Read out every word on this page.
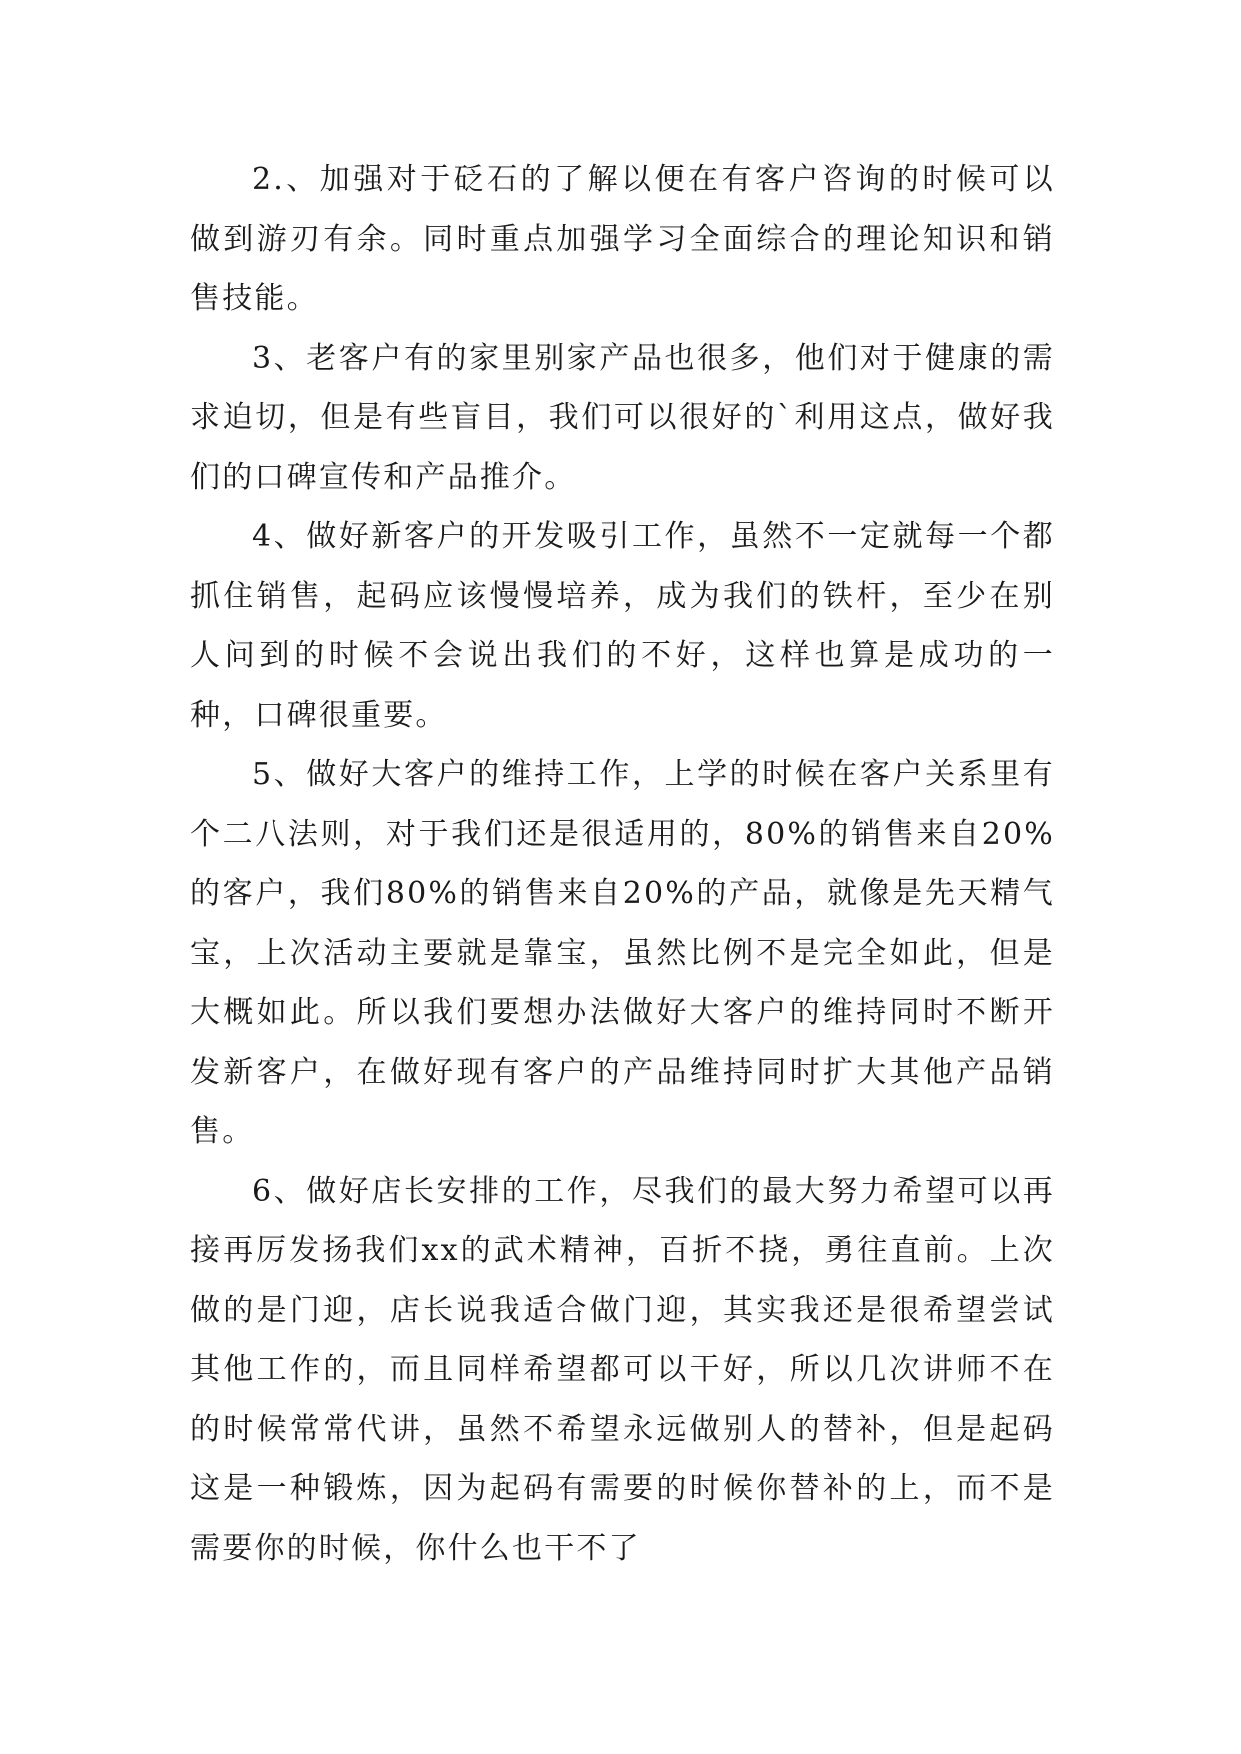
2.、加强对于砭石的了解以便在有客户咨询的时候可以做到游刃有余。同时重点加强学习全面综合的理论知识和销售技能。

3、老客户有的家里别家产品也很多，他们对于健康的需求迫切，但是有些盲目，我们可以很好的`利用这点，做好我们的口碑宣传和产品推介。

4、做好新客户的开发吸引工作，虽然不一定就每一个都抓住销售，起码应该慢慢培养，成为我们的铁杆，至少在别人问到的时候不会说出我们的不好，这样也算是成功的一种，口碑很重要。

5、做好大客户的维持工作，上学的时候在客户关系里有个二八法则，对于我们还是很适用的，80%的销售来自20%的客户，我们80%的销售来自20%的产品，就像是先天精气宝，上次活动主要就是靠宝，虽然比例不是完全如此，但是大概如此。所以我们要想办法做好大客户的维持同时不断开发新客户，在做好现有客户的产品维持同时扩大其他产品销售。

6、做好店长安排的工作，尽我们的最大努力希望可以再接再厉发扬我们xx的武术精神，百折不挠，勇往直前。上次做的是门迎，店长说我适合做门迎，其实我还是很希望尝试其他工作的，而且同样希望都可以干好，所以几次讲师不在的时候常常代讲，虽然不希望永远做别人的替补，但是起码这是一种锻炼，因为起码有需要的时候你替补的上，而不是需要你的时候，你什么也干不了
